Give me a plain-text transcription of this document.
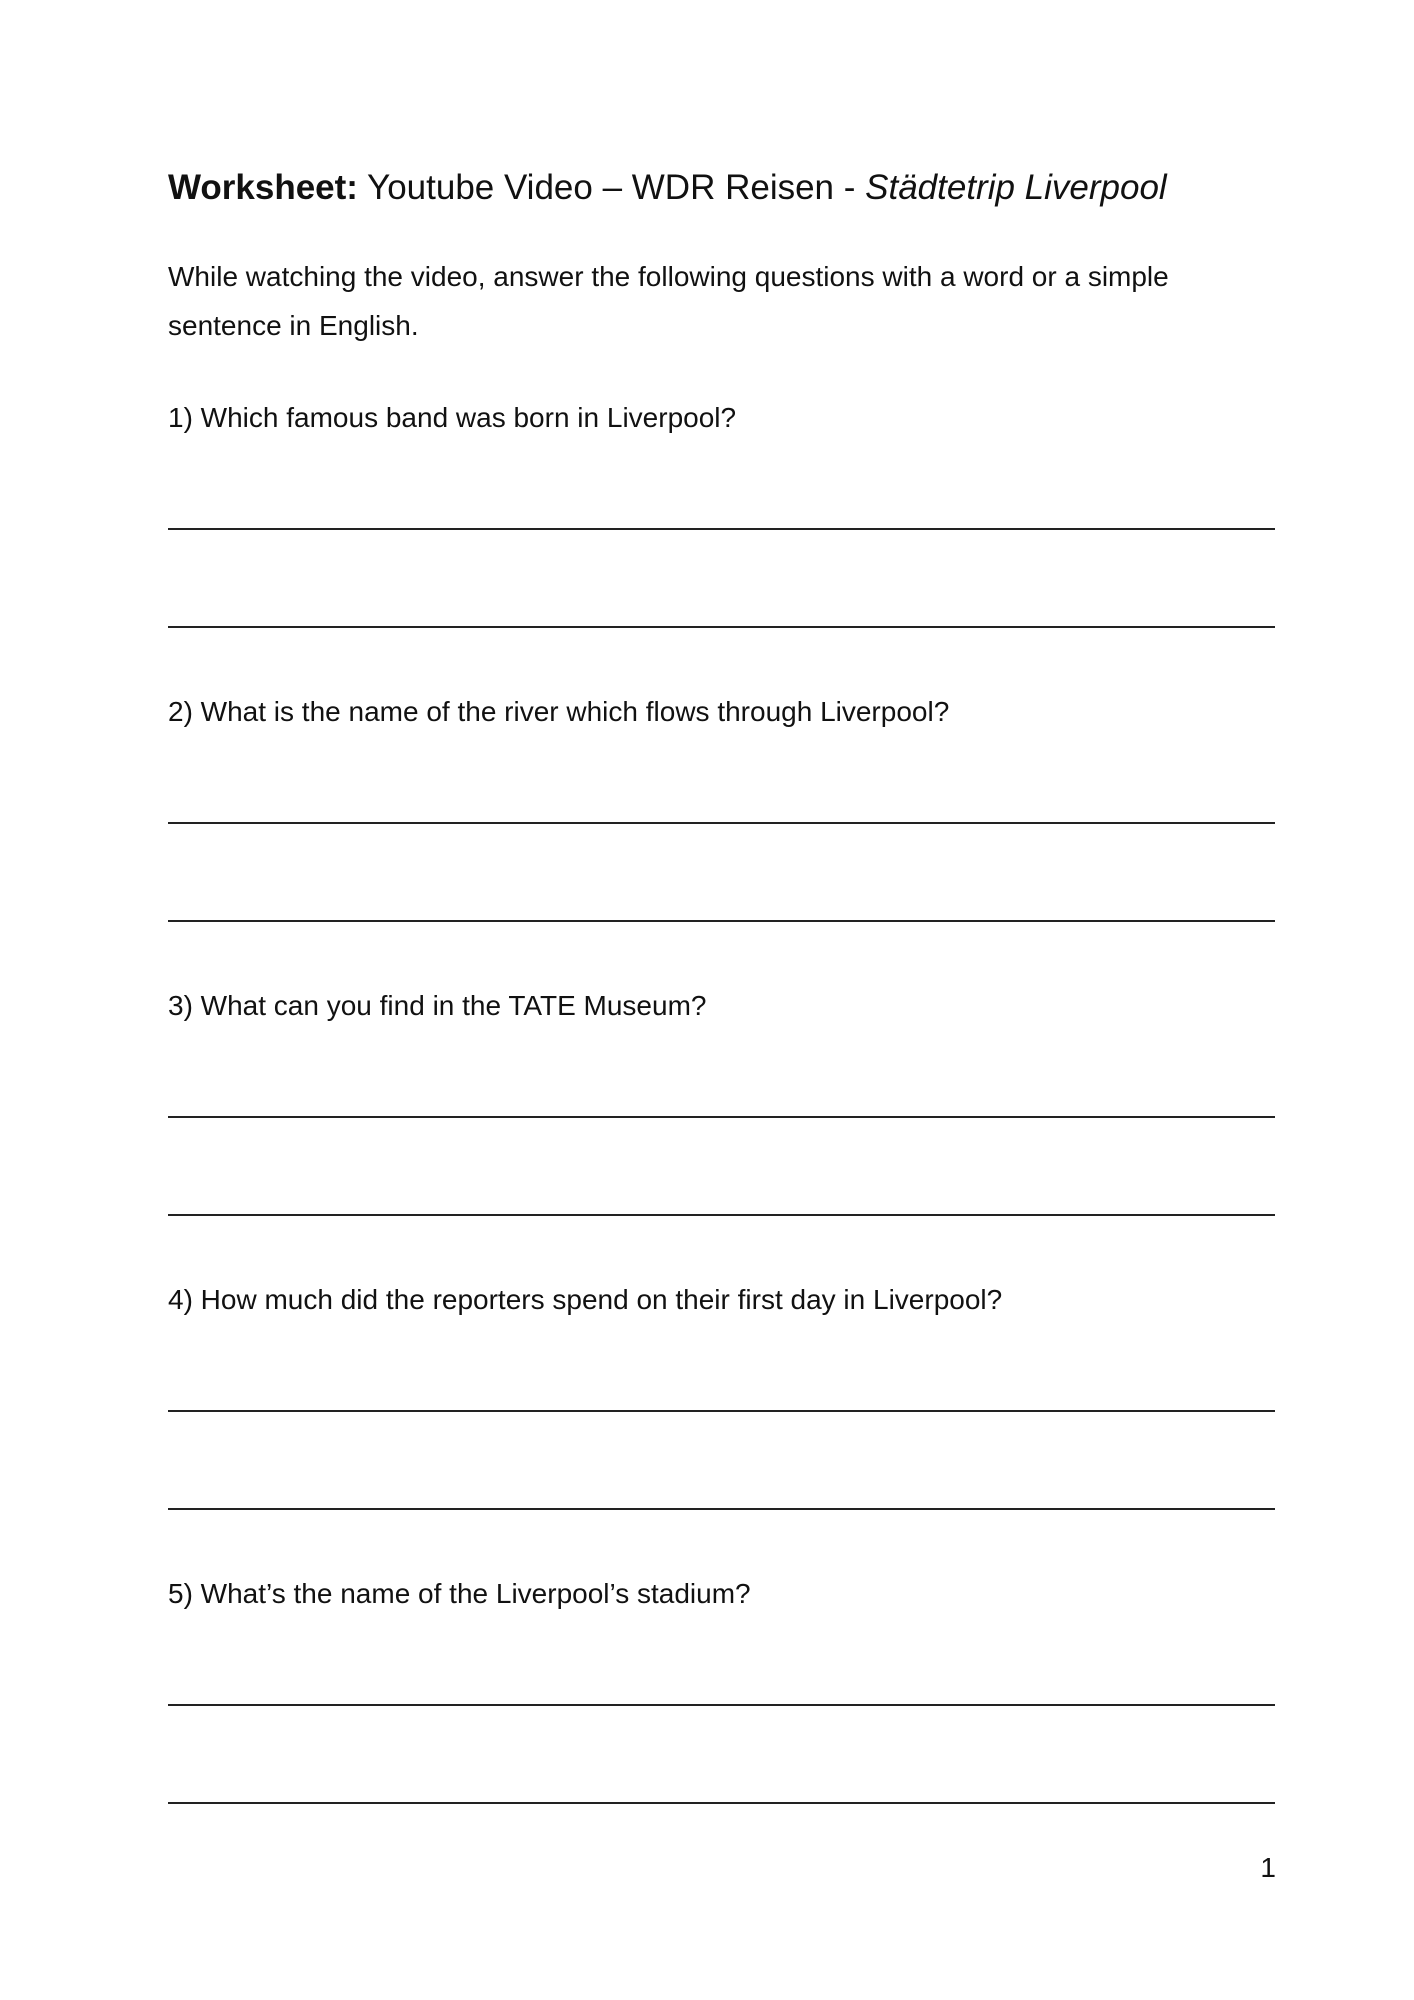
Worksheet: Youtube Video – WDR Reisen - Städtetrip Liverpool

While watching the video, answer the following questions with a word or a simple sentence in English.

1) Which famous band was born in Liverpool?

2) What is the name of the river which flows through Liverpool?

3) What can you find in the TATE Museum?

4) How much did the reporters spend on their first day in Liverpool?

5) What’s the name of the Liverpool’s stadium?

1
